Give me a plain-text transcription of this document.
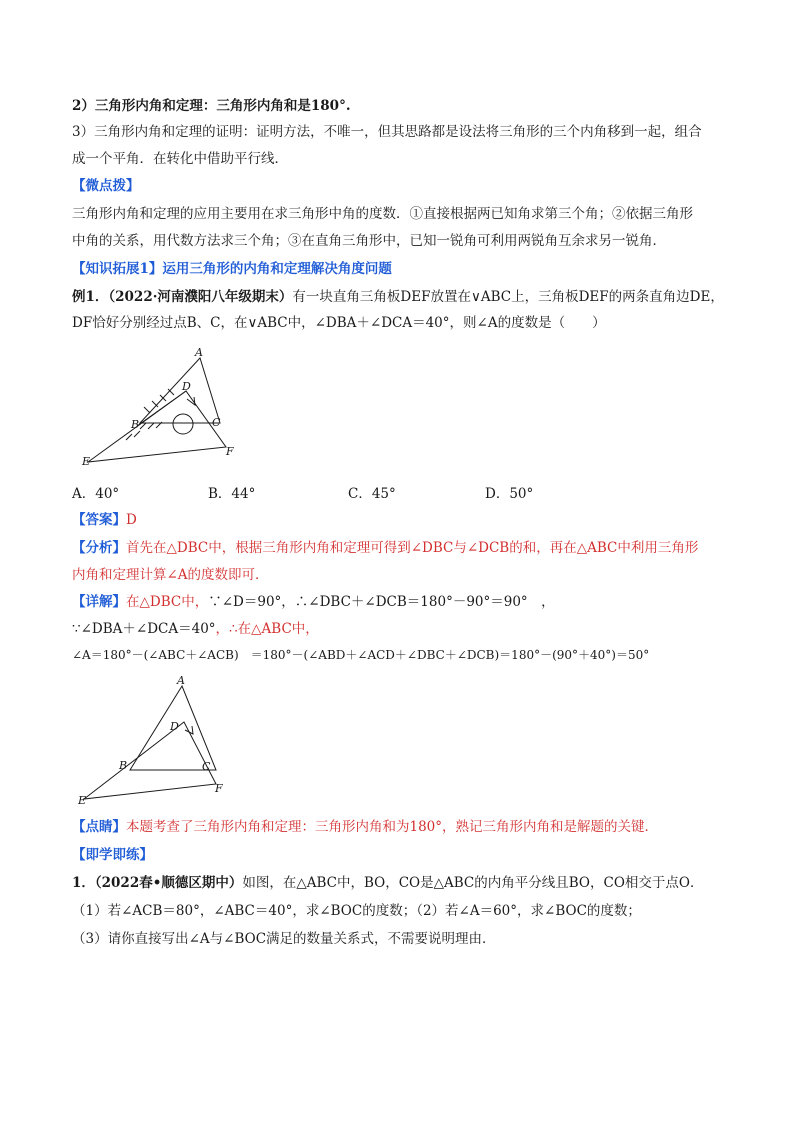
2）三角形内角和定理：三角形内角和是180°.
3）三角形内角和定理的证明：证明方法，不唯一，但其思路都是设法将三角形的三个内角移到一起，组合
成一个平角．在转化中借助平行线．
【微点拨】
三角形内角和定理的应用主要用在求三角形中角的度数．①直接根据两已知角求第三个角；②依据三角形
中角的关系，用代数方法求三个角；③在直角三角形中，已知一锐角可利用两锐角互余求另一锐角．
【知识拓展1】运用三角形的内角和定理解决角度问题
例1．（2022·河南濮阳八年级期末）有一块直角三角板DEF放置在∨ABC上，三角板DEF的两条直角边DE，
DF恰好分别经过点B、C，在∨ABC中，∠DBA＋∠DCA＝40°，则∠A的度数是（　　）
A
D
B	C
E
F
A．40°	B．44°	C．45°	D．50°
【答案】D
【分析】首先在△DBC中，根据三角形内角和定理可得到∠DBC与∠DCB的和，再在△ABC中利用三角形
内角和定理计算∠A的度数即可．
【详解】在△DBC中，∵∠D＝90°，∴∠DBC＋∠DCB＝180°－90°＝90°　，
∵∠DBA＋∠DCA＝40°，∴在△ABC中，
∠A＝180°－(∠ABC＋∠ACB)　＝180°－(∠ABD＋∠ACD＋∠DBC＋∠DCB)＝180°－(90°＋40°)＝50°
A
D
B	C
E
F
【点睛】本题考查了三角形内角和定理：三角形内角和为180°，熟记三角形内角和是解题的关键．
【即学即练】
1．（2022春•顺德区期中）如图，在△ABC中，BO，CO是△ABC的内角平分线且BO，CO相交于点O．
（1）若∠ACB＝80°，∠ABC＝40°，求∠BOC的度数；（2）若∠A＝60°，求∠BOC的度数；
（3）请你直接写出∠A与∠BOC满足的数量关系式，不需要说明理由．
